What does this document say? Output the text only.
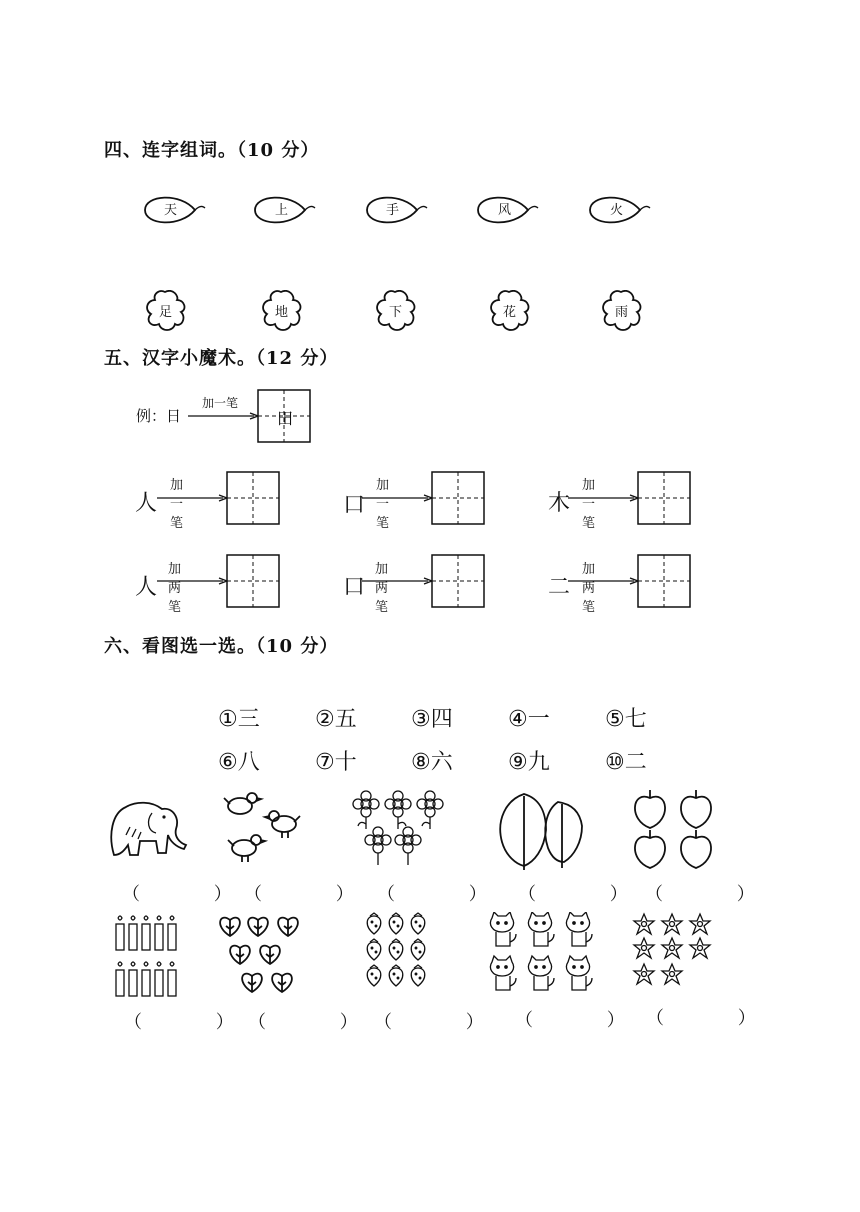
四、连字组词。（10 分）
天	上	手	风	火
足	地	下	花	雨
五、汉字小魔术。（12 分）
例：日
加一笔
田
人
加一笔
口
加一笔
木
加一笔
人
加两笔
口
加两笔
二
加两笔
六、看图选一选。（10 分）
①三	②五 ③四	④一	⑤七
⑥八	⑦十 ⑧六	⑨九	⑩二
（ ）
（ ）
（ ）
（ ）
（ ）
（ ）
（ ）
（ ）
（ ）
（ ）
